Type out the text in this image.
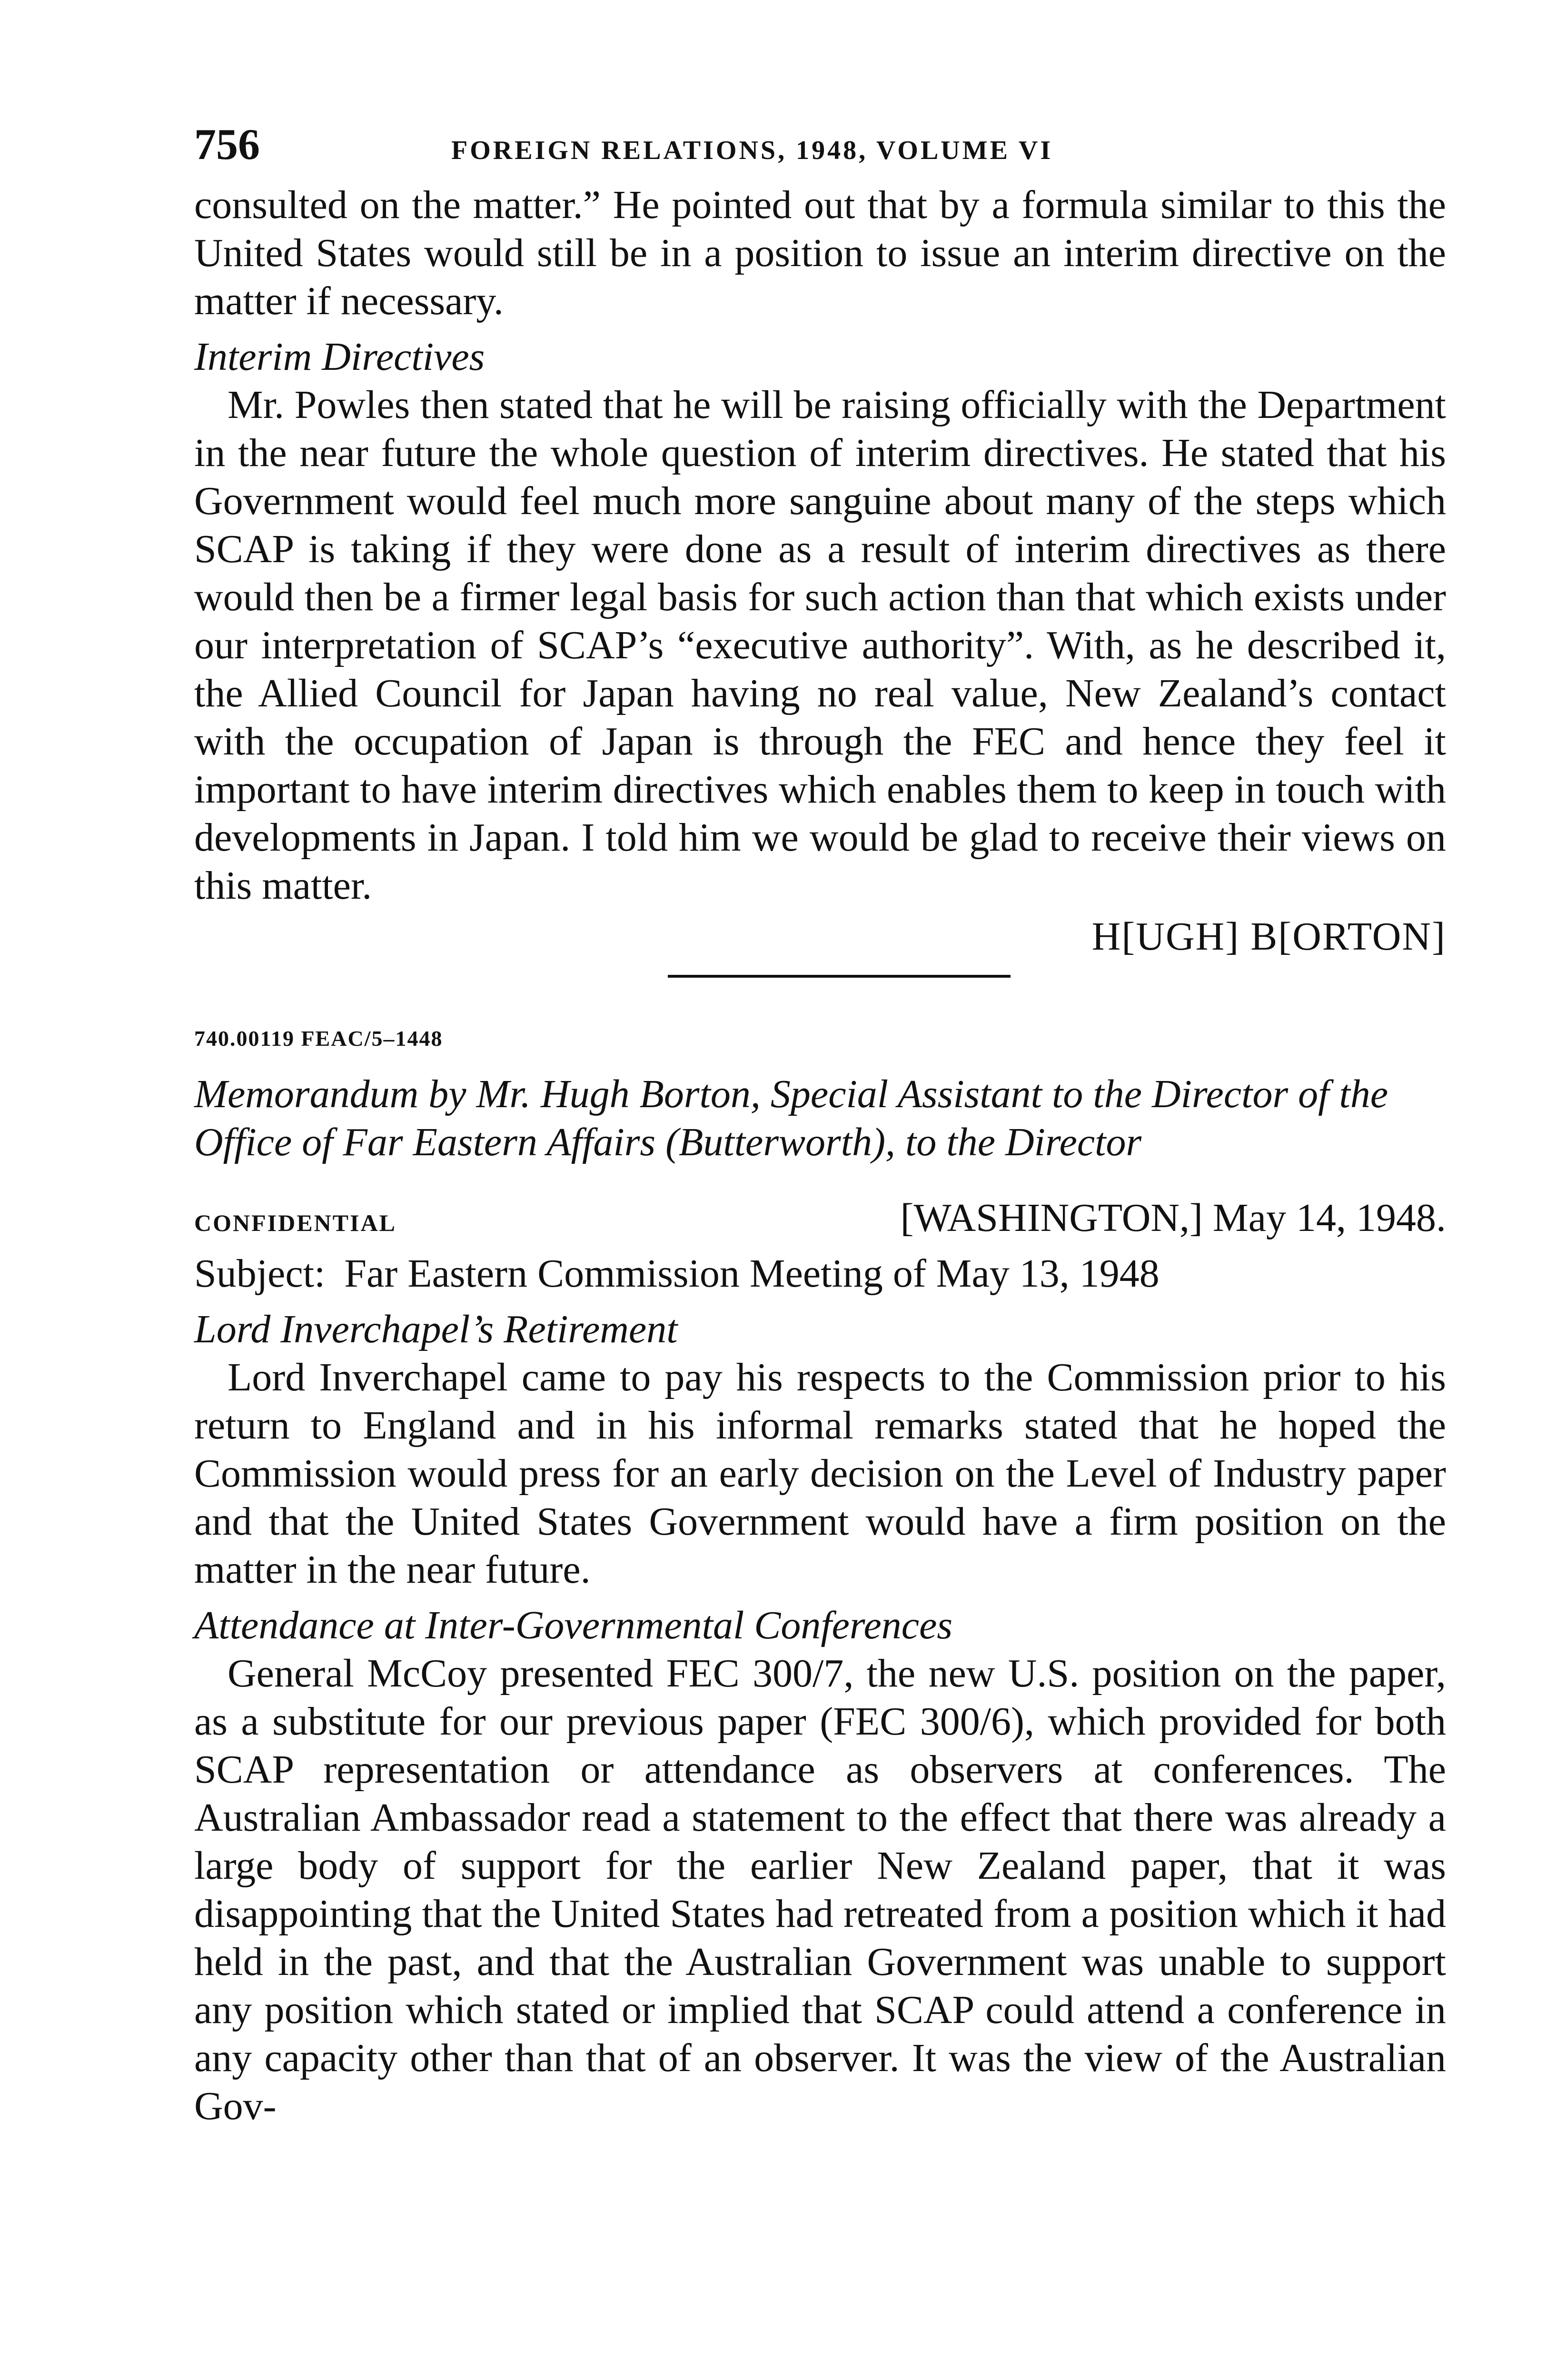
756	FOREIGN RELATIONS, 1948, VOLUME VI

consulted on the matter.” He pointed out that by a formula similar to this the United States would still be in a position to issue an interim directive on the matter if necessary.

Interim Directives

Mr. Powles then stated that he will be raising officially with the Department in the near future the whole question of interim directives. He stated that his Government would feel much more sanguine about many of the steps which SCAP is taking if they were done as a result of interim directives as there would then be a firmer legal basis for such action than that which exists under our interpretation of SCAP’s “executive authority”. With, as he described it, the Allied Council for Japan having no real value, New Zealand’s contact with the occupation of Japan is through the FEC and hence they feel it important to have interim directives which enables them to keep in touch with developments in Japan. I told him we would be glad to receive their views on this matter.

H[UGH] B[ORTON]
740.00119 FEAC/5–1448
Memorandum by Mr. Hugh Borton, Special Assistant to the Director of the Office of Far Eastern Affairs (Butterworth), to the Director
CONFIDENTIAL	[WASHINGTON,] May 14, 1948.
Subject: Far Eastern Commission Meeting of May 13, 1948
Lord Inverchapel’s Retirement

Lord Inverchapel came to pay his respects to the Commission prior to his return to England and in his informal remarks stated that he hoped the Commission would press for an early decision on the Level of Industry paper and that the United States Government would have a firm position on the matter in the near future.

Attendance at Inter-Governmental Conferences

General McCoy presented FEC 300/7, the new U.S. position on the paper, as a substitute for our previous paper (FEC 300/6), which provided for both SCAP representation or attendance as observers at conferences. The Australian Ambassador read a statement to the effect that there was already a large body of support for the earlier New Zealand paper, that it was disappointing that the United States had retreated from a position which it had held in the past, and that the Australian Government was unable to support any position which stated or implied that SCAP could attend a conference in any capacity other than that of an observer. It was the view of the Australian Gov-
